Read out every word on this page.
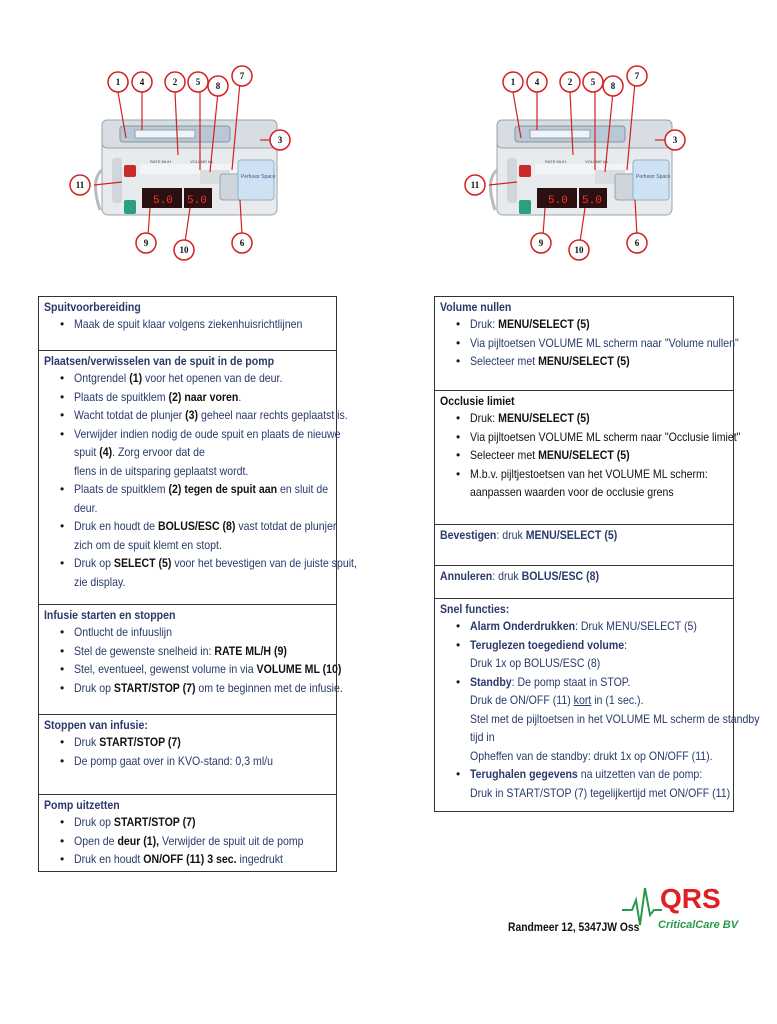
5.0 5.0
RATE ML/H	VOLUME ML
Perfusor Space
1 4	2 5 8
7
3
11
9
10
6
5.0 5.0
RATE ML/H	VOLUME ML
Perfusor Space
1 4	2 5 8
7
3
11
9
10
6
Spuitvoorbereiding
• Maak de spuit klaar volgens ziekenhuisrichtlijnen
Plaatsen/verwisselen van de spuit in de pomp
• Ontgrendel (1) voor het openen van de deur.
• Plaats de spuitklem (2) naar voren.
• Wacht totdat de plunjer (3) geheel naar rechts geplaatst is.
• Verwijder indien nodig de oude spuit en plaats de nieuwe
spuit (4). Zorg ervoor dat de
flens in de uitsparing geplaatst wordt.
• Plaats de spuitklem (2) tegen de spuit aan en sluit de
deur.
• Druk en houdt de BOLUS/ESC (8) vast totdat de plunjer
zich om de spuit klemt en stopt.
• Druk op SELECT (5) voor het bevestigen van de juiste spuit,
zie display.
Infusie starten en stoppen
• Ontlucht de infuuslijn
• Stel de gewenste snelheid in: RATE ML/H (9)
• Stel, eventueel, gewenst volume in via VOLUME ML (10)
• Druk op START/STOP (7) om te beginnen met de infusie.
Stoppen van infusie:
• Druk START/STOP (7)
• De pomp gaat over in KVO-stand: 0,3 ml/u
Pomp uitzetten
• Druk op START/STOP (7)
• Open de deur (1), Verwijder de spuit uit de pomp
• Druk en houdt ON/OFF (11) 3 sec. ingedrukt
Volume nullen
• Druk: MENU/SELECT (5)
• Via pijltoetsen VOLUME ML scherm naar "Volume nullen"
• Selecteer met MENU/SELECT (5)
Occlusie limiet
• Druk: MENU/SELECT (5)
• Via pijltoetsen VOLUME ML scherm naar "Occlusie limiet"
• Selecteer met MENU/SELECT (5)
• M.b.v. pijltjestoetsen van het VOLUME ML scherm:
aanpassen waarden voor de occlusie grens
Bevestigen: druk MENU/SELECT (5)
Annuleren: druk BOLUS/ESC (8)
Snel functies:
• Alarm Onderdrukken: Druk MENU/SELECT (5)
• Teruglezen toegediend volume:
Druk 1x op BOLUS/ESC (8)
• Standby: De pomp staat in STOP.
Druk de ON/OFF (11) kort in (1 sec.).
Stel met de pijltoetsen in het VOLUME ML scherm de standby
tijd in
Opheffen van de standby: drukt 1x op ON/OFF (11).
• Terughalen gegevens na uitzetten van de pomp:
Druk in START/STOP (7) tegelijkertijd met ON/OFF (11)
Randmeer 12, 5347JW Oss
QRS
CriticalCare BV
